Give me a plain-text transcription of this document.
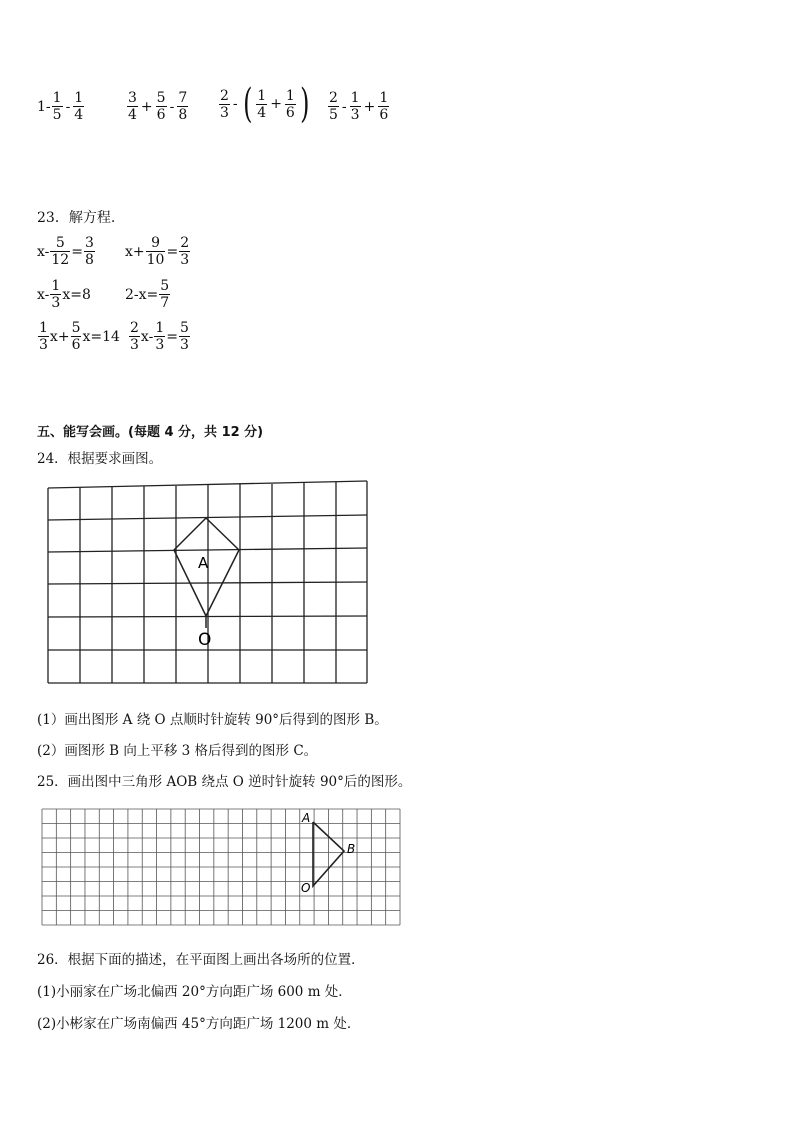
$1- \frac{1}{5} - \frac{1}{4}$	$\frac{3}{4} + \frac{5}{6} - \frac{7}{8} \frac{2}{3}$ - ( $\frac{1}{4} + \frac{1}{6}$ ) $\frac{2}{5} - \frac{1}{3} + \frac{1}{6}$
23．解方程.
$x- \frac{5}{12} = \frac{3}{8} x+ \frac{9}{10} = \frac{2}{3}$
$x- \frac{1}{3} x=8$ $2-x= \frac{5}{7}$
$\frac{1}{3} x+ \frac{5}{6} x=14 \frac{2}{3} x- \frac{1}{3} = \frac{5}{3}$
五、能写会画。(每题 4 分，共 12 分)
24．根据要求画图。
A
O
(1）画出图形 A 绕 O 点顺时针旋转 90°后得到的图形 B。
(2）画图形 B 向上平移 3 格后得到的图形 C。
25．画出图中三角形 AOB 绕点 O 逆时针旋转 90°后的图形。
A
B
O
26．根据下面的描述，在平面图上画出各场所的位置．
(1)小丽家在广场北偏西 20°方向距广场 600 m 处．
(2)小彬家在广场南偏西 45°方向距广场 1200 m 处．
